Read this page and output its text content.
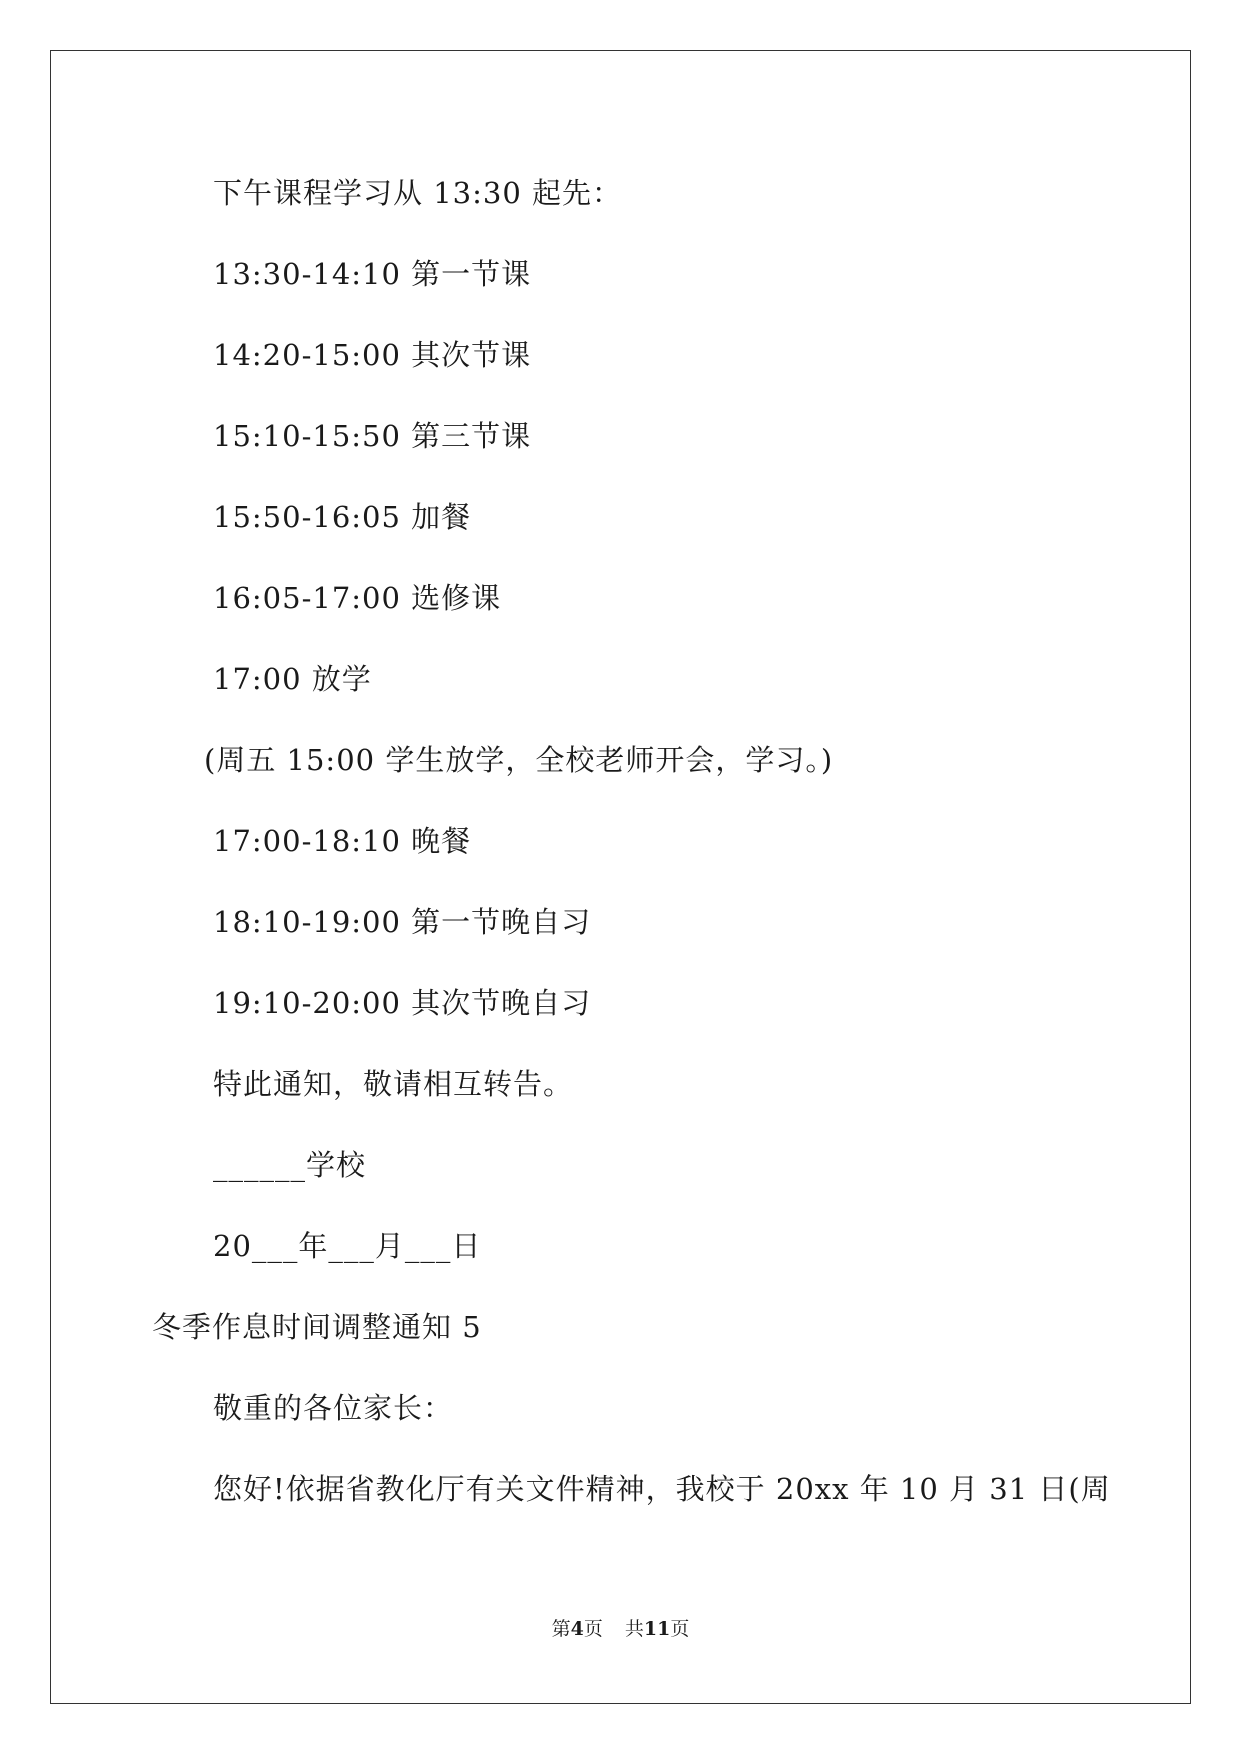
下午课程学习从 13:30 起先：
13:30-14:10 第一节课
14:20-15:00 其次节课
15:10-15:50 第三节课
15:50-16:05 加餐
16:05-17:00 选修课
17:00 放学
(周五 15:00 学生放学，全校老师开会，学习。)
17:00-18:10 晚餐
18:10-19:00 第一节晚自习
19:10-20:00 其次节晚自习
特此通知，敬请相互转告。
______学校
20___年___月___日
冬季作息时间调整通知 5
敬重的各位家长：
您好!依据省教化厅有关文件精神，我校于 20xx 年 10 月 31 日(周
第4页 共11页
